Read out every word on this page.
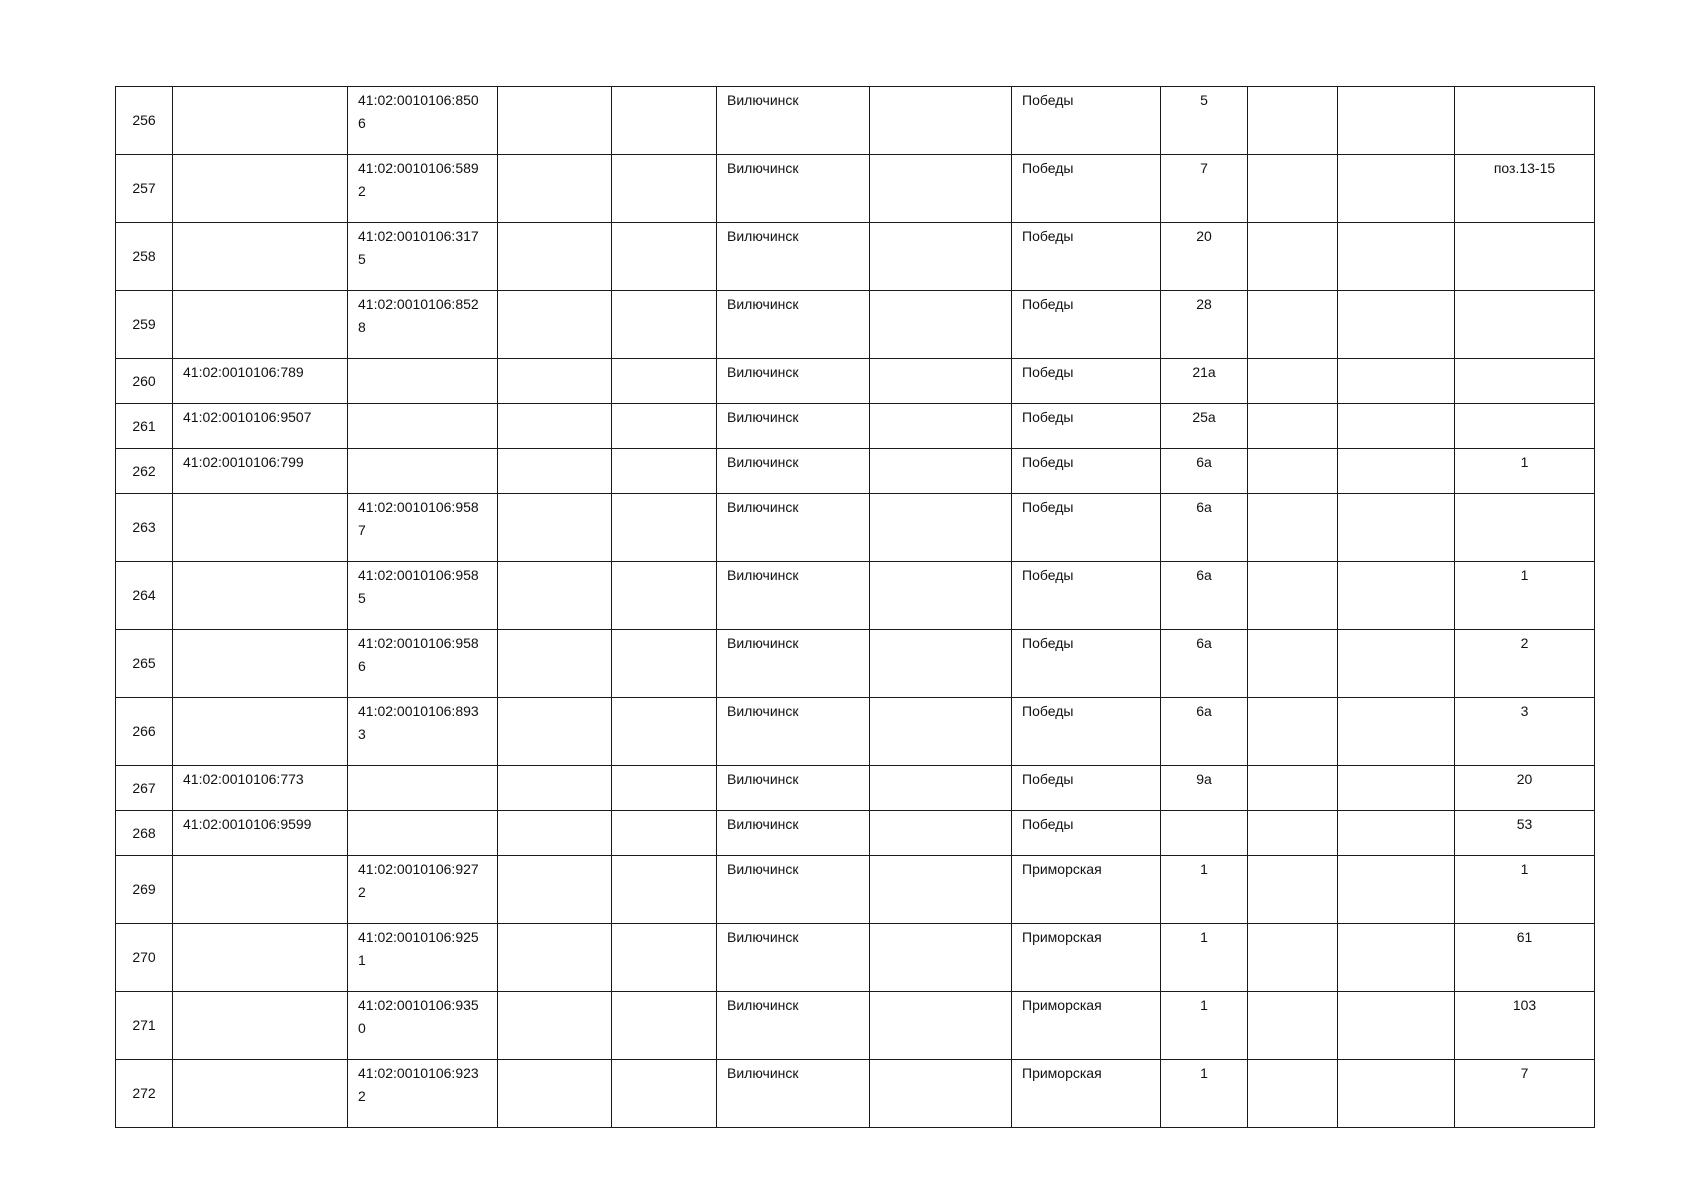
256		41:02:0010106:8506			Вилючинск		Победы	5			
257		41:02:0010106:5892			Вилючинск		Победы	7			поз.13-15
258		41:02:0010106:3175			Вилючинск		Победы	20			
259		41:02:0010106:8528			Вилючинск		Победы	28			
260	41:02:0010106:789				Вилючинск		Победы	21а			
261	41:02:0010106:9507				Вилючинск		Победы	25а			
262	41:02:0010106:799				Вилючинск		Победы	6а			1
263		41:02:0010106:9587			Вилючинск		Победы	6а			
264		41:02:0010106:9585			Вилючинск		Победы	6а			1
265		41:02:0010106:9586			Вилючинск		Победы	6а			2
266		41:02:0010106:8933			Вилючинск		Победы	6а			3
267	41:02:0010106:773				Вилючинск		Победы	9а			20
268	41:02:0010106:9599				Вилючинск		Победы				53
269		41:02:0010106:9272			Вилючинск		Приморская	1			1
270		41:02:0010106:9251			Вилючинск		Приморская	1			61
271		41:02:0010106:9350			Вилючинск		Приморская	1			103
272		41:02:0010106:9232			Вилючинск		Приморская	1			7
